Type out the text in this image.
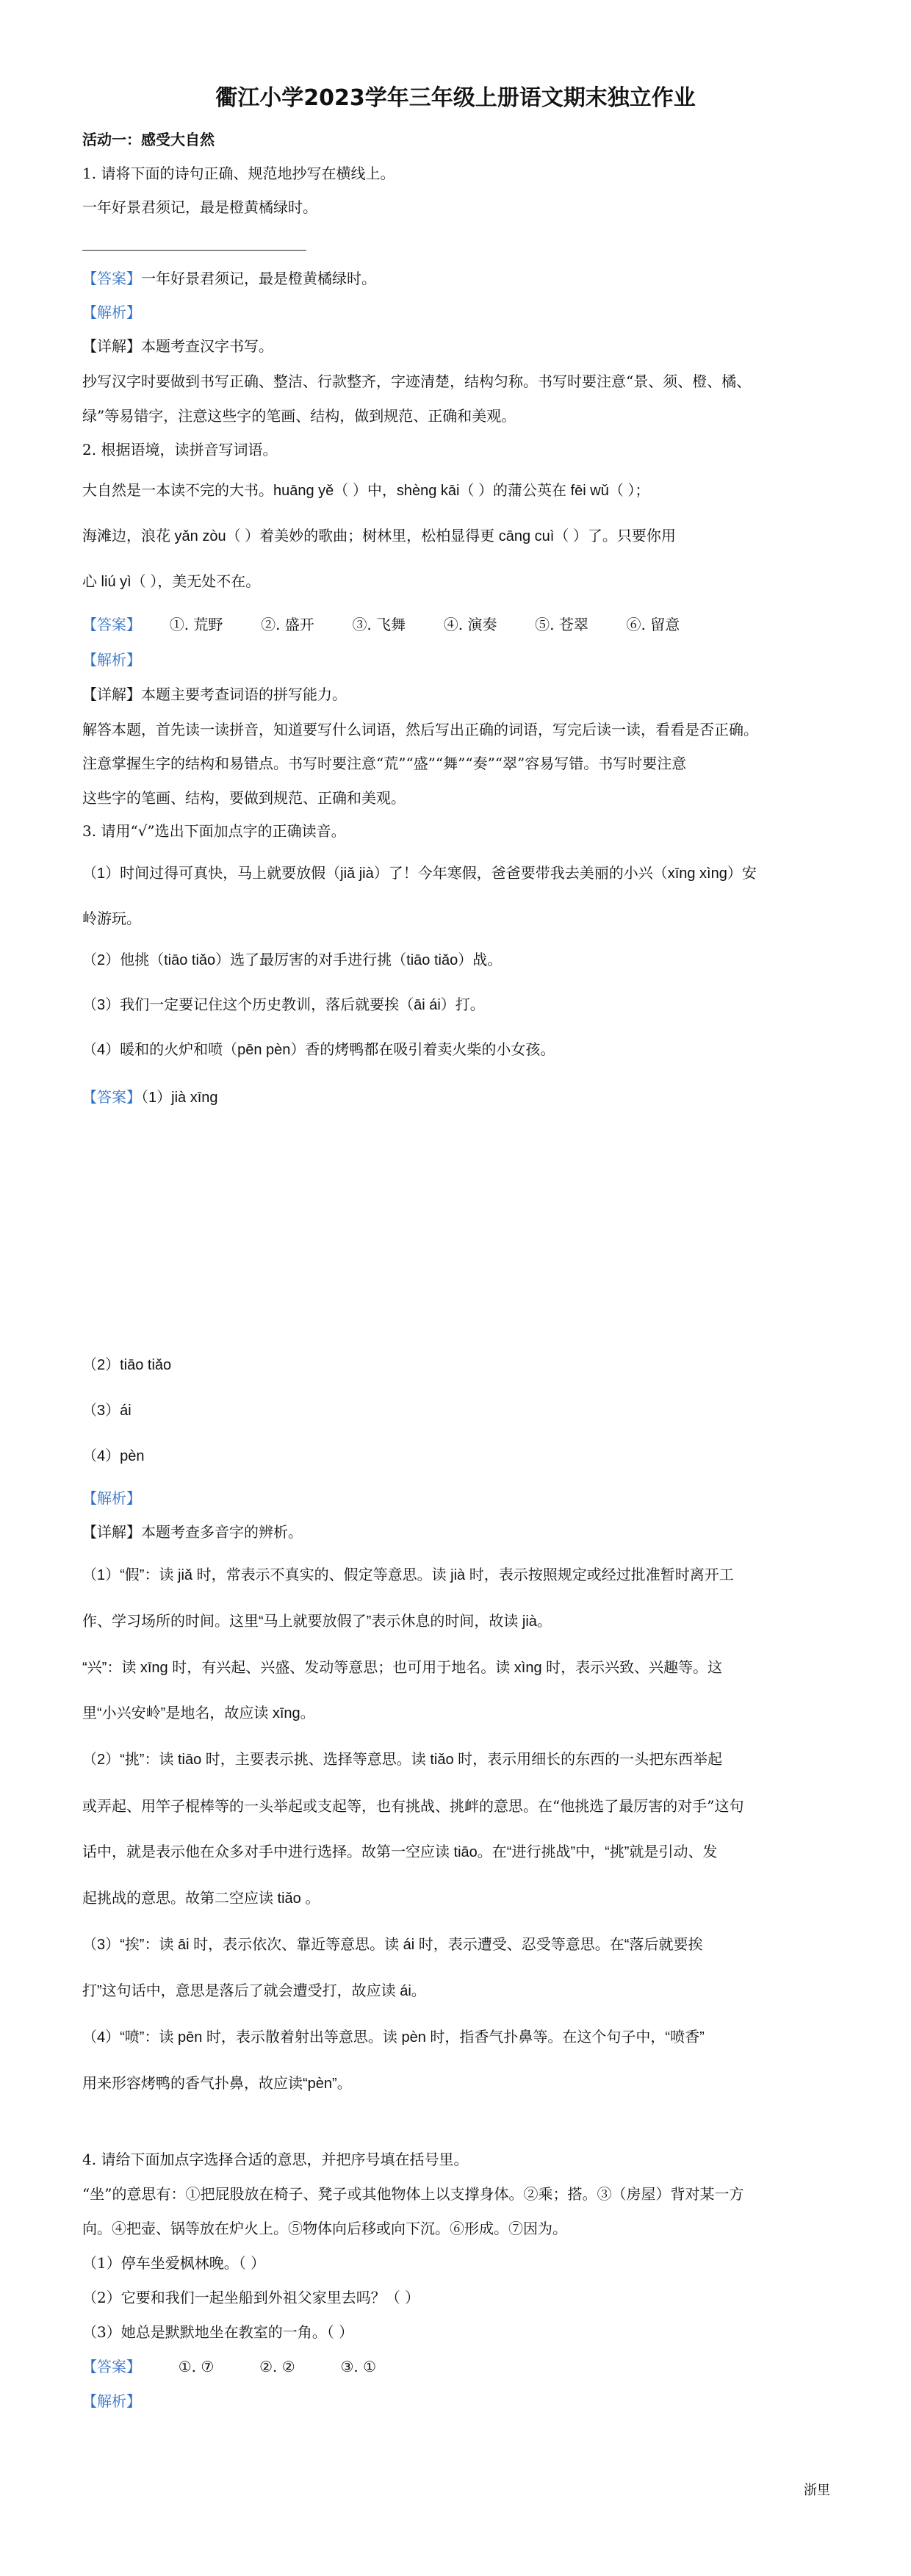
衢江小学2023学年三年级上册语文期末独立作业
活动一：感受大自然
1. 请将下面的诗句正确、规范地抄写在横线上。
一年好景君须记，最是橙黄橘绿时。
【答案】一年好景君须记，最是橙黄橘绿时。
【解析】
【详解】本题考查汉字书写。
抄写汉字时要做到书写正确、整洁、行款整齐，字迹清楚，结构匀称。书写时要注意“景、须、橙、橘、
绿”等易错字，注意这些字的笔画、结构，做到规范、正确和美观。
2. 根据语境，读拼音写词语。
大自然是一本读不完的大书。huāng yě（ ）中，shèng kāi（ ）的蒲公英在 fēi wǔ（ ）；
海滩边，浪花 yǎn zòu（ ）着美妙的歌曲；树林里，松柏显得更 cāng cuì（ ）了。只要你用
心 liú yì（ ），美无处不在。
【答案】 ①. 荒野	②. 盛开	③. 飞舞	④. 演奏	⑤. 苍翠	⑥. 留意
【解析】
【详解】本题主要考查词语的拼写能力。
解答本题，首先读一读拼音，知道要写什么词语，然后写出正确的词语，写完后读一读，看看是否正确。
注意掌握生字的结构和易错点。书写时要注意“荒”“盛”“舞”“奏”“翠”容易写错。书写时要注意
这些字的笔画、结构，要做到规范、正确和美观。
3. 请用“√”选出下面加点字的正确读音。
（1）时间过得可真快，马上就要放假（jiǎ jià）了！今年寒假，爸爸要带我去美丽的小兴（xīng xìng）安
岭游玩。
（2）他挑（tiāo tiǎo）选了最厉害的对手进行挑（tiāo tiǎo）战。
（3）我们一定要记住这个历史教训，落后就要挨（āi ái）打。
（4）暖和的火炉和喷（pēn pèn）香的烤鸭都在吸引着卖火柴的小女孩。
【答案】（1）jià xīng
（2）tiāo tiǎo
（3）ái
（4）pèn
【解析】
【详解】本题考查多音字的辨析。
（1）“假”：读 jiǎ 时，常表示不真实的、假定等意思。读 jià 时，表示按照规定或经过批准暂时离开工
作、学习场所的时间。这里“马上就要放假了”表示休息的时间，故读 jià。
“兴”：读 xīng 时，有兴起、兴盛、发动等意思；也可用于地名。读 xìng 时，表示兴致、兴趣等。这
里“小兴安岭”是地名，故应读 xīng。
（2）“挑”：读 tiāo 时，主要表示挑、选择等意思。读 tiǎo 时，表示用细长的东西的一头把东西举起
或弄起、用竿子棍棒等的一头举起或支起等，也有挑战、挑衅的意思。在“他挑选了最厉害的对手”这句
话中，就是表示他在众多对手中进行选择。故第一空应读 tiāo。在“进行挑战”中，“挑”就是引动、发
起挑战的意思。故第二空应读 tiǎo 。
（3）“挨”：读 āi 时，表示依次、靠近等意思。读 ái 时，表示遭受、忍受等意思。在“落后就要挨
打”这句话中，意思是落后了就会遭受打，故应读 ái。
（4）“喷”：读 pēn 时，表示散着射出等意思。读 pèn 时，指香气扑鼻等。在这个句子中，“喷香”
用来形容烤鸭的香气扑鼻，故应读“pèn”。
4. 请给下面加点字选择合适的意思，并把序号填在括号里。
“坐”的意思有：①把屁股放在椅子、凳子或其他物体上以支撑身体。②乘；搭。③（房屋）背对某一方
向。④把壶、锅等放在炉火上。⑤物体向后移或向下沉。⑥形成。⑦因为。
（1）停车坐爱枫林晚。（ ）
（2）它要和我们一起坐船到外祖父家里去吗？（ ）
（3）她总是默默地坐在教室的一角。（ ）
【答案】	①. ⑦	②. ②	③. ①
【解析】
浙里
